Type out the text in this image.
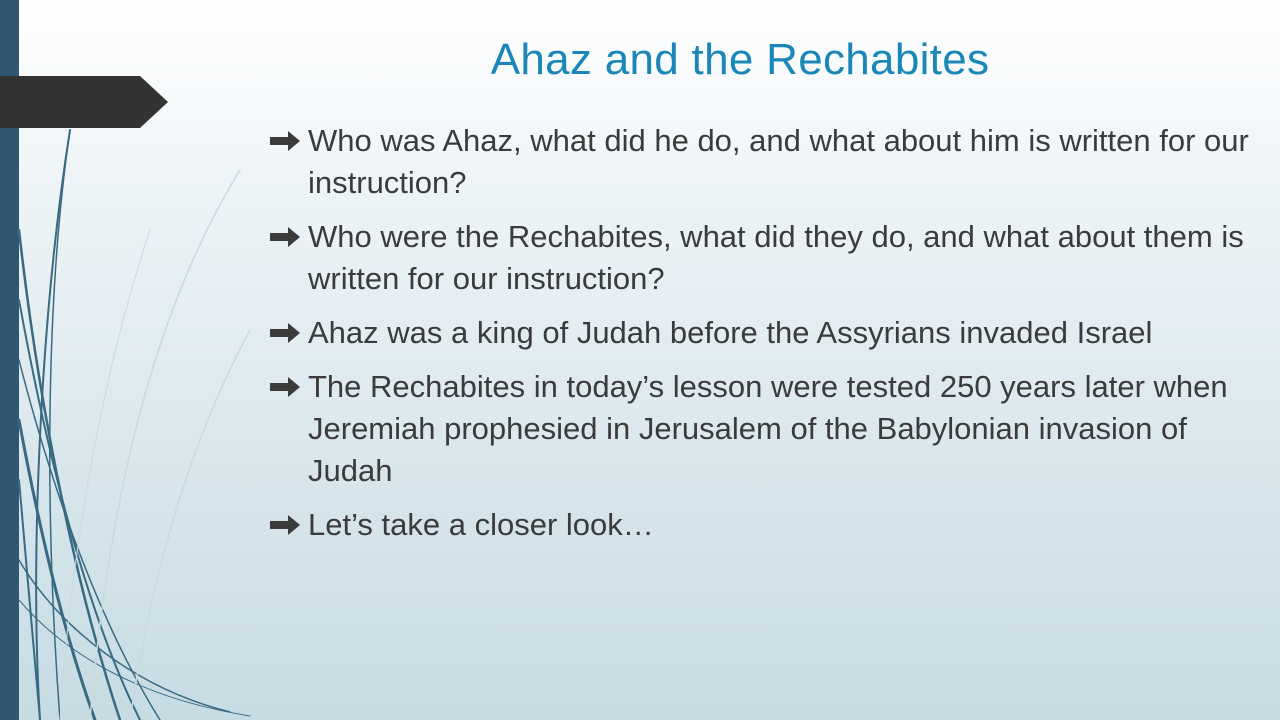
Ahaz and the Rechabites
Who was Ahaz, what did he do, and what about him is written for our instruction?
Who were the Rechabites, what did they do, and what about them is written for our instruction?
Ahaz was a king of Judah before the Assyrians invaded Israel
The Rechabites in today’s lesson were tested 250 years later when Jeremiah prophesied in Jerusalem of the Babylonian invasion of Judah
Let’s take a closer look…
